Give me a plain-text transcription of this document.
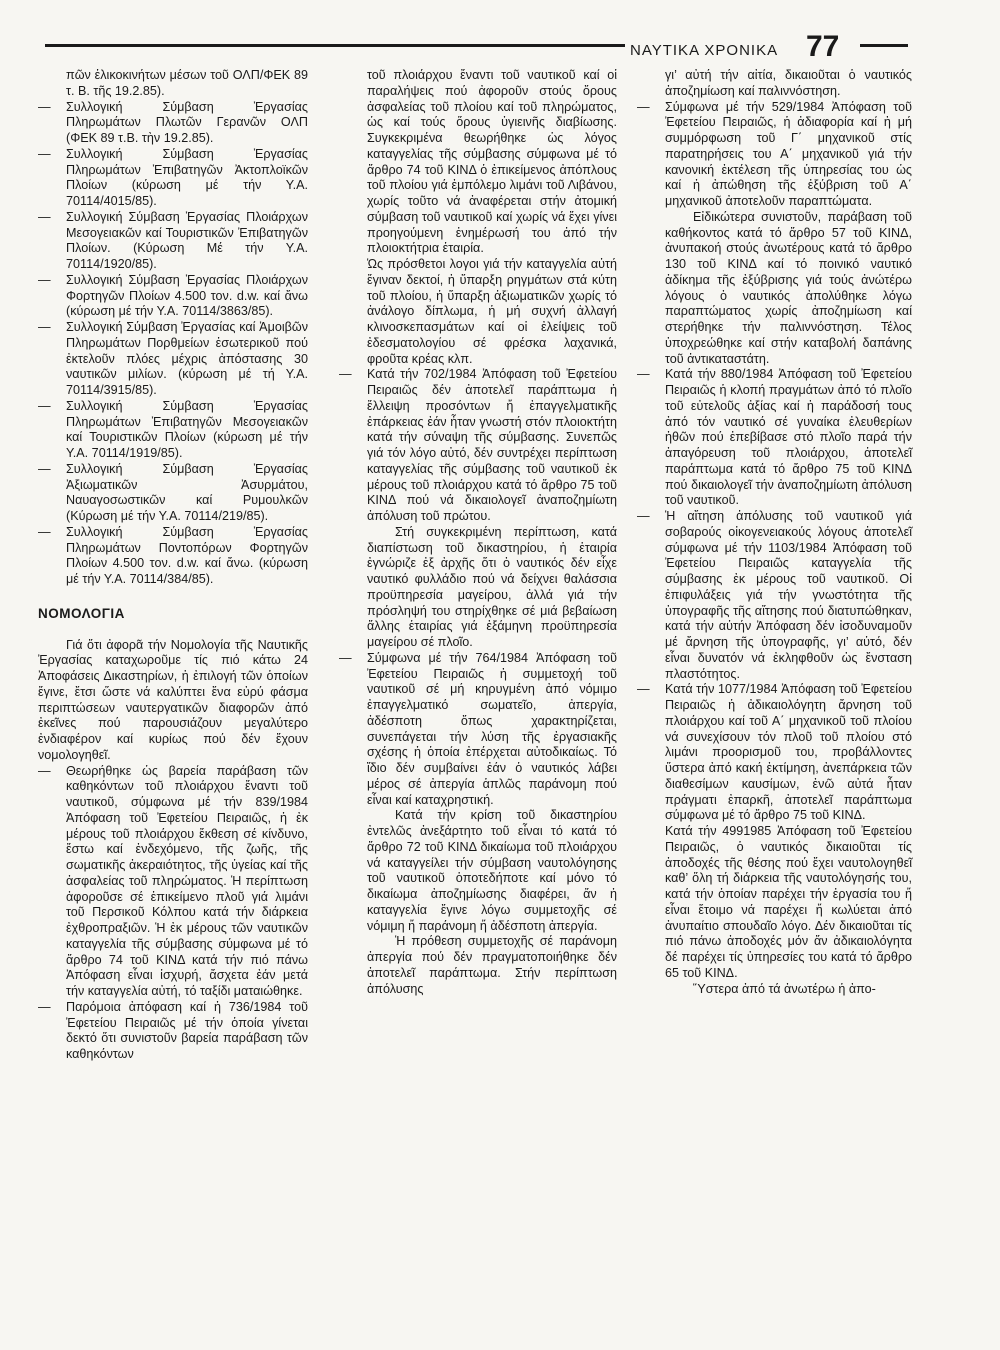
ΝΑΥΤΙΚΑ ΧΡΟΝΙΚΑ 77

πῶν ἑλικοκινήτων μέσων τοῦ ΟΛΠ/ΦΕΚ 89 τ. Β. τῆς 19.2.85).

— Συλλογική Σύμβαση Ἐργασίας Πληρωμάτων Πλωτῶν Γερανῶν ΟΛΠ (ΦΕΚ 89 τ.Β. τὴν 19.2.85).

— Συλλογική Σύμβαση Ἐργασίας Πληρωμάτων Ἐπιβατηγῶν Ἀκτοπλοϊκῶν Πλοίων (κύρωση μέ τήν Υ.Α. 70114/4015/85).

— Συλλογική Σύμβαση Ἐργασίας Πλοιάρχων Μεσογειακῶν καί Τουριστικῶν Ἐπιβατηγῶν Πλοίων. (Κύρωση Μέ τήν Υ.Α. 70114/1920/85).

— Συλλογική Σύμβαση Ἐργασίας Πλοιάρχων Φορτηγῶν Πλοίων 4.500 τον. d.w. καί ἄνω (κύρωση μέ τήν Υ.Α. 70114/3863/85).

— Συλλογική Σύμβαση Ἐργασίας καί Ἀμοιβῶν Πληρωμάτων Πορθμείων ἐσωτερικοῦ πού ἐκτελοῦν πλόες μέχρις ἀπόστασης 30 ναυτικῶν μιλίων. (κύρωση μέ τή Υ.Α. 70114/3915/85).

— Συλλογική Σύμβαση Ἐργασίας Πληρωμάτων Ἐπιβατηγῶν Μεσογειακῶν καί Τουριστικῶν Πλοίων (κύρωση μέ τήν Υ.Α. 70114/1919/85).

— Συλλογική Σύμβαση Ἐργασίας Ἀξιωματικῶν Ἀσυρμάτου, Ναυαγοσωστικῶν καί Ρυμουλκῶν (Κύρωση μέ τήν Υ.Α. 70114/219/85).

— Συλλογική Σύμβαση Ἐργασίας Πληρωμάτων Ποντοπόρων Φορτηγῶν Πλοίων 4.500 τον. d.w. καί ἄνω. (κύρωση μέ τήν Υ.Α. 70114/384/85).

ΝΟΜΟΛΟΓΙΑ

Γιά ὅτι ἀφορᾶ τήν Νομολογία τῆς Ναυτικῆς Ἐργασίας καταχωροῦμε τίς πιό κάτω 24 Ἀποφάσεις Δικαστηρίων, ἡ ἐπιλογή τῶν ὁποίων ἔγινε, ἔτσι ὥστε νά καλύπτει ἕνα εὐρύ φάσμα περιπτώσεων ναυτεργατικῶν διαφορῶν ἀπό ἐκεῖνες πού παρουσιάζουν μεγαλύτερο ἐνδιαφέρον καί κυρίως πού δέν ἔχουν νομολογηθεῖ.

— Θεωρήθηκε ὡς βαρεία παράβαση τῶν καθηκόντων τοῦ πλοιάρχου ἔναντι τοῦ ναυτικοῦ, σύμφωνα μέ τήν 839/1984 Ἀπόφαση τοῦ Ἐφετείου Πειραιῶς, ἡ ἐκ μέρους τοῦ πλοιάρχου ἔκθεση σέ κίνδυνο, ἔστω καί ἐνδεχόμενο, τῆς ζωῆς, τῆς σωματικῆς ἀκεραιότητος, τῆς ὑγείας καί τῆς ἀσφαλείας τοῦ πληρώματος. Ἡ περίπτωση ἀφοροῦσε σέ ἐπικείμενο πλοῦ γιά λιμάνι τοῦ Περσικοῦ Κόλπου κατά τήν διάρκεια ἐχθροπραξιῶν. Ἡ ἐκ μέρους τῶν ναυτικῶν καταγγελία τῆς σύμβασης σύμφωνα μέ τό ἄρθρο 74 τοῦ ΚΙΝΔ κατά τήν πιό πάνω Ἀπόφαση εἶναι ἰσχυρή, ἄσχετα ἐάν μετά τήν καταγγελία αὐτή, τό ταξίδι ματαιώθηκε.

— Παρόμοια ἀπόφαση καί ἡ 736/1984 τοῦ Ἐφετείου Πειραιῶς μέ τήν ὁποία γίνεται δεκτό ὅτι συνιστοῦν βαρεία παράβαση τῶν καθηκόντων

τοῦ πλοιάρχου ἔναντι τοῦ ναυτικοῦ καί οἱ παραλήψεις πού ἀφοροῦν στούς ὅρους ἀσφαλείας τοῦ πλοίου καί τοῦ πληρώματος, ὡς καί τούς ὅρους ὑγιεινῆς διαβίωσης. Συγκεκριμένα θεωρήθηκε ὡς λόγος καταγγελίας τῆς σύμβασης σύμφωνα μέ τό ἄρθρο 74 τοῦ ΚΙΝΔ ὁ ἐπικείμενος ἀπόπλους τοῦ πλοίου γιά ἐμπόλεμο λιμάνι τοῦ Λιβάνου, χωρίς τοῦτο νά ἀναφέρεται στήν ἀτομική σύμβαση τοῦ ναυτικοῦ καί χωρίς νά ἔχει γίνει προηγούμενη ἐνημέρωσή του ἀπό τήν πλοιοκτήτρια ἑταιρία.

Ὡς πρόσθετοι λογοι γιά τήν καταγγελία αὐτή ἔγιναν δεκτοί, ἡ ὕπαρξη ρηγμάτων στά κύτη τοῦ πλοίου, ἡ ὕπαρξη ἀξιωματικῶν χωρίς τό ἀνάλογο δίπλωμα, ἡ μή συχνή ἀλλαγή κλινοσκεπασμάτων καί οἱ ἐλείψεις τοῦ ἐδεσματολογίου σέ φρέσκα λαχανικά, φροῦτα κρέας κλπ.

— Κατά τήν 702/1984 Ἀπόφαση τοῦ Ἐφετείου Πειραιῶς δέν ἀποτελεῖ παράπτωμα ἡ ἔλλειψη προσόντων ἤ ἐπαγγελματικῆς ἐπάρκειας ἐάν ἦταν γνωστή στόν πλοιοκτήτη κατά τήν σύναψη τῆς σύμβασης. Συνεπῶς γιά τόν λόγο αὐτό, δέν συντρέχει περίπτωση καταγγελίας τῆς σύμβασης τοῦ ναυτικοῦ ἐκ μέρους τοῦ πλοιάρχου κατά τό ἄρθρο 75 τοῦ ΚΙΝΔ πού νά δικαιολογεῖ ἀναποζημίωτη ἀπόλυση τοῦ πρώτου.

Στή συγκεκριμένη περίπτωση, κατά διαπίστωση τοῦ δικαστηρίου, ἡ ἑταιρία ἐγνώριζε ἐξ ἀρχῆς ὅτι ὁ ναυτικός δέν εἶχε ναυτικό φυλλάδιο πού νά δείχνει θαλάσσια προϋπηρεσία μαγείρου, ἀλλά γιά τήν πρόσληψή του στηρίχθηκε σέ μιά βεβαίωση ἄλλης ἑταιρίας γιά ἑξάμηνη προϋπηρεσία μαγείρου σέ πλοῖο.

— Σύμφωνα μέ τήν 764/1984 Ἀπόφαση τοῦ Ἐφετείου Πειραιῶς ἡ συμμετοχή τοῦ ναυτικοῦ σέ μή κηρυγμένη ἀπό νόμιμο ἐπαγγελματικό σωματεῖο, ἀπεργία, ἀδέσποτη ὅπως χαρακτηρίζεται, συνεπάγεται τήν λύση τῆς ἐργασιακῆς σχέσης ἡ ὁποία ἐπέρχεται αὐτοδικαίως. Τό ἴδιο δέν συμβαίνει ἐάν ὁ ναυτικός λάβει μέρος σέ ἀπεργία ἁπλῶς παράνομη πού εἶναι καί καταχρηστική.

Κατά τήν κρίση τοῦ δικαστηρίου ἐντελῶς ἀνεξάρτητο τοῦ εἶναι τό κατά τό ἄρθρο 72 τοῦ ΚΙΝΔ δικαίωμα τοῦ πλοιάρχου νά καταγγείλει τήν σύμβαση ναυτολόγησης τοῦ ναυτικοῦ ὁποτεδήποτε καί μόνο τό δικαίωμα ἀποζημίωσης διαφέρει, ἄν ἡ καταγγελία ἔγινε λόγω συμμετοχῆς σέ νόμιμη ἤ παράνομη ἤ ἀδέσποτη ἀπεργία.

Ἡ πρόθεση συμμετοχῆς σέ παράνομη ἀπεργία πού δέν πραγματοποιήθηκε δέν ἀποτελεῖ παράπτωμα. Στήν περίπτωση ἀπόλυσης

γι’ αὐτή τήν αἰτία, δικαιοῦται ὁ ναυτικός ἀποζημίωση καί παλιννόστηση.

— Σύμφωνα μέ τήν 529/1984 Ἀπόφαση τοῦ Ἐφετείου Πειραιῶς, ἡ ἀδιαφορία καί ἡ μή συμμόρφωση τοῦ Γ΄ μηχανικοῦ στίς παρατηρήσεις του Α΄ μηχανικοῦ γιά τήν κανονική ἐκτέλεση τῆς ὑπηρεσίας του ὡς καί ἡ ἀπώθηση τῆς ἐξύβριση τοῦ Α΄ μηχανικοῦ ἀποτελοῦν παραπτώματα.

Εἰδικώτερα συνιστοῦν, παράβαση τοῦ καθήκοντος κατά τό ἄρθρο 57 τοῦ ΚΙΝΔ, ἀνυπακοή στούς ἀνωτέρους κατά τό ἄρθρο 130 τοῦ ΚΙΝΔ καί τό ποινικό ναυτικό ἀδίκημα τῆς ἐξύβρισης γιά τούς ἀνώτέρω λόγους ὁ ναυτικός ἀπολύθηκε λόγω παραπτώματος χωρίς ἀποζημίωση καί στερήθηκε τήν παλιννόστηση. Τέλος ὑποχρεώθηκε καί στήν καταβολή δαπάνης τοῦ ἀντικαταστάτη.

— Κατά τήν 880/1984 Ἀπόφαση τοῦ Ἐφετείου Πειραιῶς ἡ κλοπή πραγμάτων ἀπό τό πλοῖο τοῦ εὐτελοῦς ἀξίας καί ἡ παράδοσή τους ἀπό τόν ναυτικό σέ γυναίκα ἐλευθερίων ἠθῶν πού ἐπεβίβασε στό πλοῖο παρά τήν ἀπαγόρευση τοῦ πλοιάρχου, ἀποτελεῖ παράπτωμα κατά τό ἄρθρο 75 τοῦ ΚΙΝΔ πού δικαιολογεῖ τήν ἀναποζημίωτη ἀπόλυση τοῦ ναυτικοῦ.

— Ἡ αἴτηση ἀπόλυσης τοῦ ναυτικοῦ γιά σοβαρούς οἰκογενειακούς λόγους ἀποτελεῖ σύμφωνα μέ τήν 1103/1984 Ἀπόφαση τοῦ Ἐφετείου Πειραιῶς καταγγελία τῆς σύμβασης ἐκ μέρους τοῦ ναυτικοῦ. Οἱ ἐπιφυλάξεις γιά τήν γνωστότητα τῆς ὑπογραφῆς τῆς αἴτησης πού διατυπώθηκαν, κατά τήν αὐτήν Ἀπόφαση δέν ἰσοδυναμοῦν μέ ἄρνηση τῆς ὑπογραφῆς, γι’ αὐτό, δέν εἶναι δυνατόν νά ἐκληφθοῦν ὡς ἔνσταση πλαστότητος.

— Κατά τήν 1077/1984 Ἀπόφαση τοῦ Ἐφετείου Πειραιῶς ἡ ἀδικαιολόγητη ἄρνηση τοῦ πλοιάρχου καί τοῦ Α΄ μηχανικοῦ τοῦ πλοίου νά συνεχίσουν τόν πλοῦ τοῦ πλοίου στό λιμάνι προορισμοῦ του, προβάλλοντες ὕστερα ἀπό κακή ἐκτίμηση, ἀνεπάρκεια τῶν διαθεσίμων καυσίμων, ἐνῶ αὐτά ἦταν πράγματι ἐπαρκῆ, ἀποτελεῖ παράπτωμα σύμφωνα μέ τό ἄρθρο 75 τοῦ ΚΙΝΔ.

Κατά τήν 4991985 Ἀπόφαση τοῦ Ἐφετείου Πειραιῶς, ὁ ναυτικός δικαιοῦται τίς ἀποδοχές τῆς θέσης πού ἔχει ναυτολογηθεῖ καθ’ ὅλη τή διάρκεια τῆς ναυτολόγησής του, κατά τήν ὁποίαν παρέχει τήν ἐργασία του ἤ εἶναι ἕτοιμο νά παρέχει ἤ κωλύεται ἀπό ἀνυπαίτιο σπουδαῖο λόγο. Δέν δικαιοῦται τίς πιό πάνω ἀποδοχές μόν ἄν ἀδικαιολόγητα δέ παρέχει τίς ὑπηρεσίες του κατά τό ἄρθρο 65 τοῦ ΚΙΝΔ.

Ὕστερα ἀπό τά ἀνωτέρω ἡ ἀπο-
